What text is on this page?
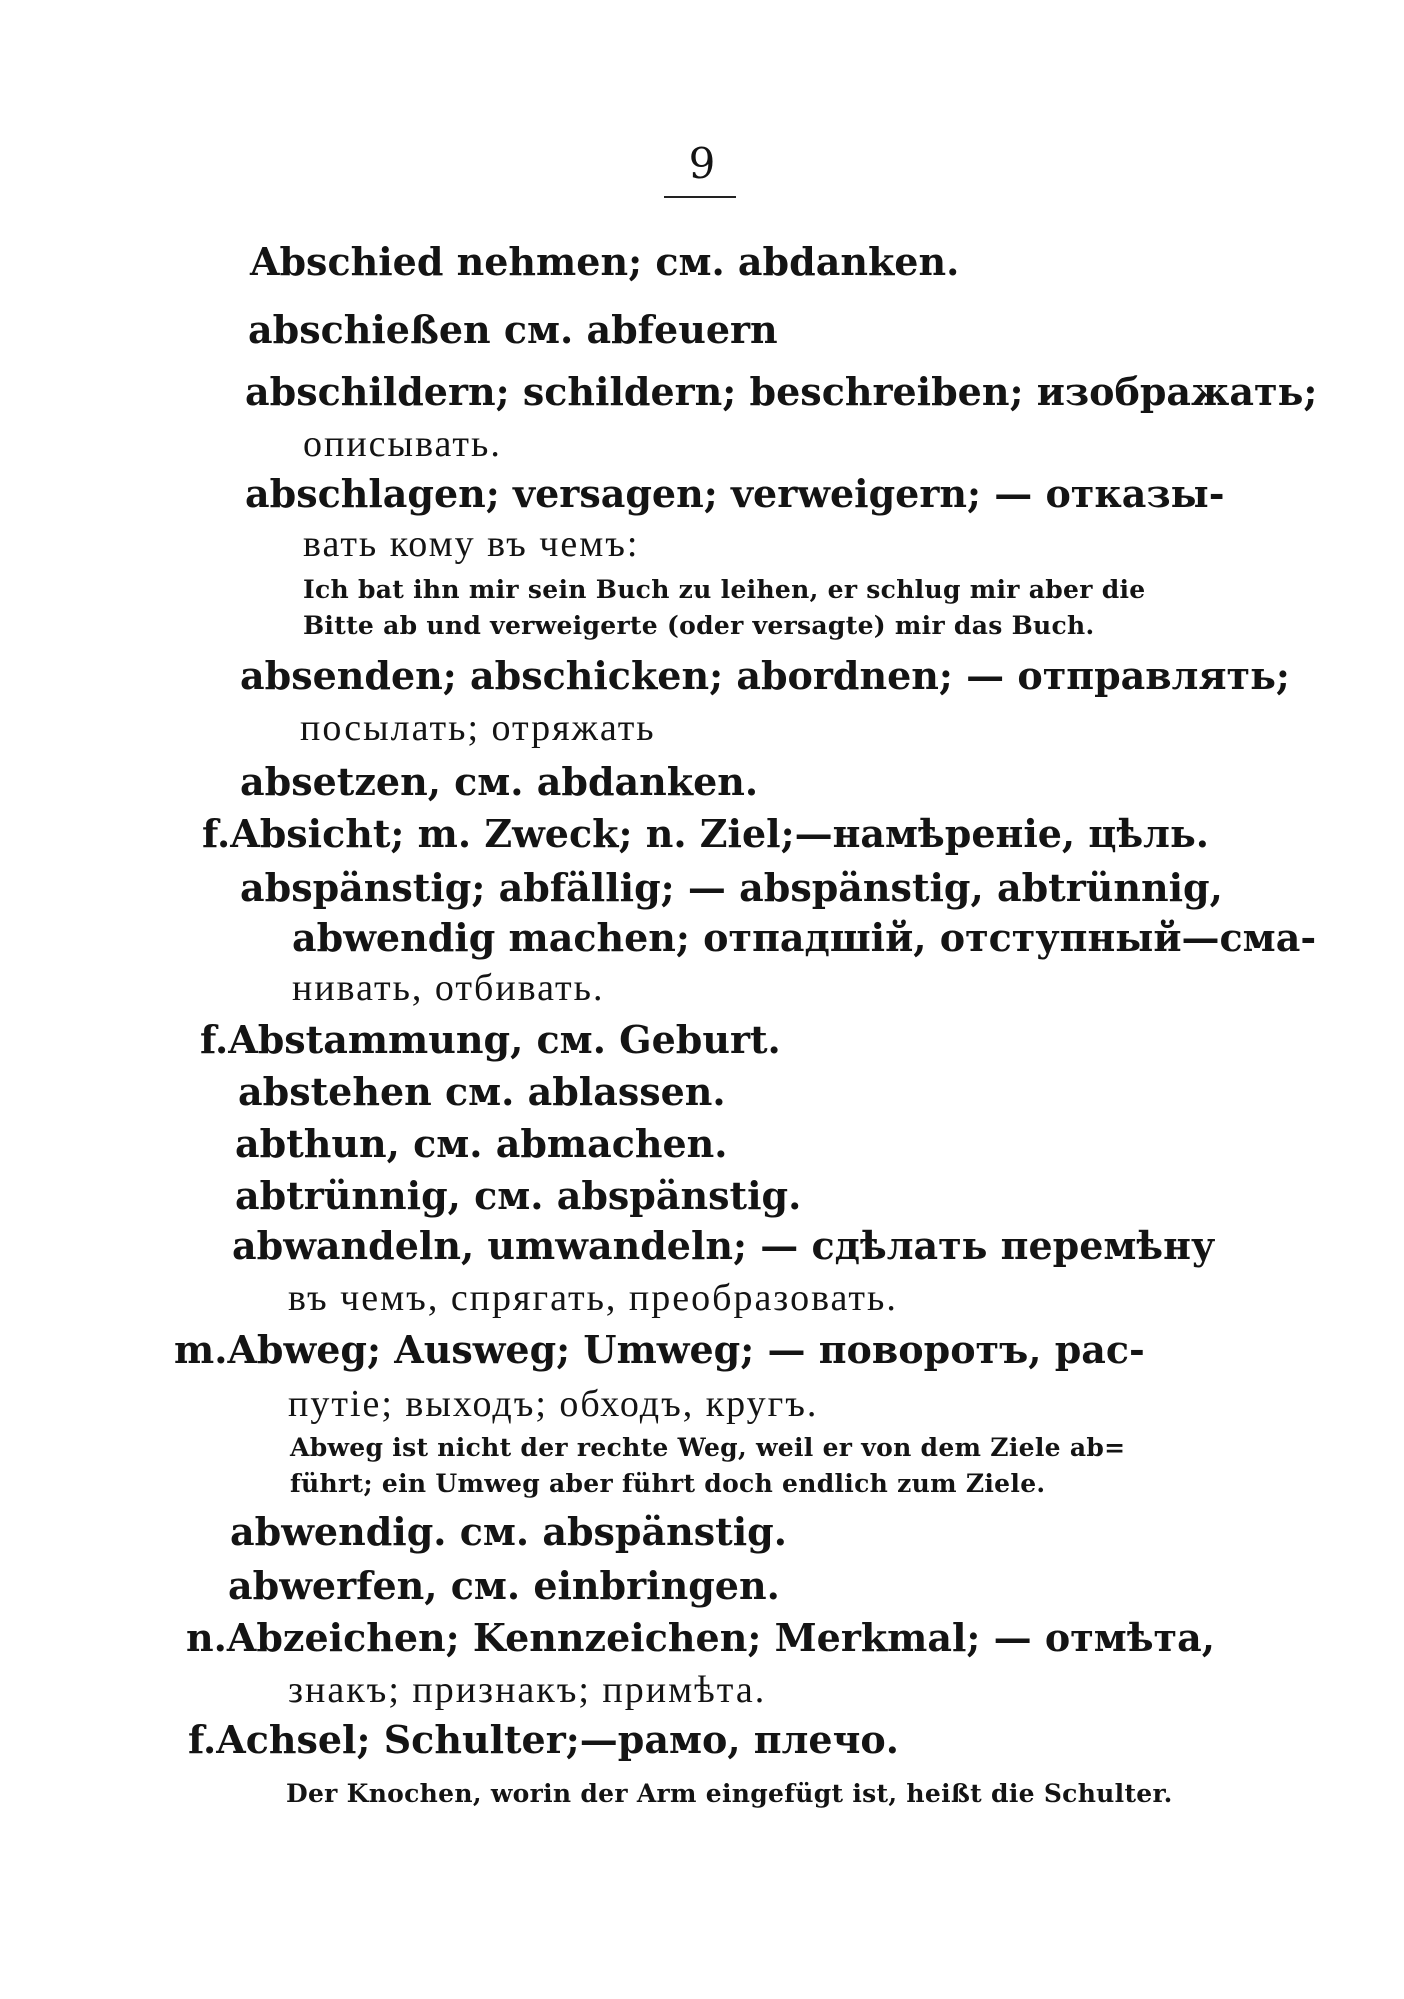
9
Abschied nehmen; см. abdanken.
abschießen см. abfeuern
abschildern; schildern; beschreiben; изображать;
описывать.
abschlagen; versagen; verweigern; — отказы-
вать кому въ чемъ:
Ich bat ihn mir sein Buch zu leihen, er schlug mir aber die
Bitte ab und verweigerte (oder versagte) mir das Buch.
absenden; abschicken; abordnen; — отправлять;
посылать; отряжать
absetzen, см. abdanken.
f.Absicht; m. Zweck; n. Ziel;—намѣреніе, цѣль.
abspänstig; abfällig; — abspänstig, abtrünnig,
abwendig machen; отпадшій, отступный—сма-
нивать, отбивать.
f.Abstammung, см. Geburt.
abstehen см. ablassen.
abthun, см. abmachen.
abtrünnig, см. abspänstig.
abwandeln, umwandeln; — сдѣлать перемѣну
въ чемъ, спрягать, преобразовать.
m.Abweg; Ausweg; Umweg; — поворотъ, рас-
путіе; выходъ; обходъ, кругъ.
Abweg ist nicht der rechte Weg, weil er von dem Ziele ab=
führt; ein Umweg aber führt doch endlich zum Ziele.
abwendig. см. abspänstig.
abwerfen, см. einbringen.
n.Abzeichen; Kennzeichen; Merkmal; — отмѣта,
знакъ; признакъ; примѣта.
f.Achsel; Schulter;—рамо, плечо.
Der Knochen, worin der Arm eingefügt ist, heißt die Schulter.
